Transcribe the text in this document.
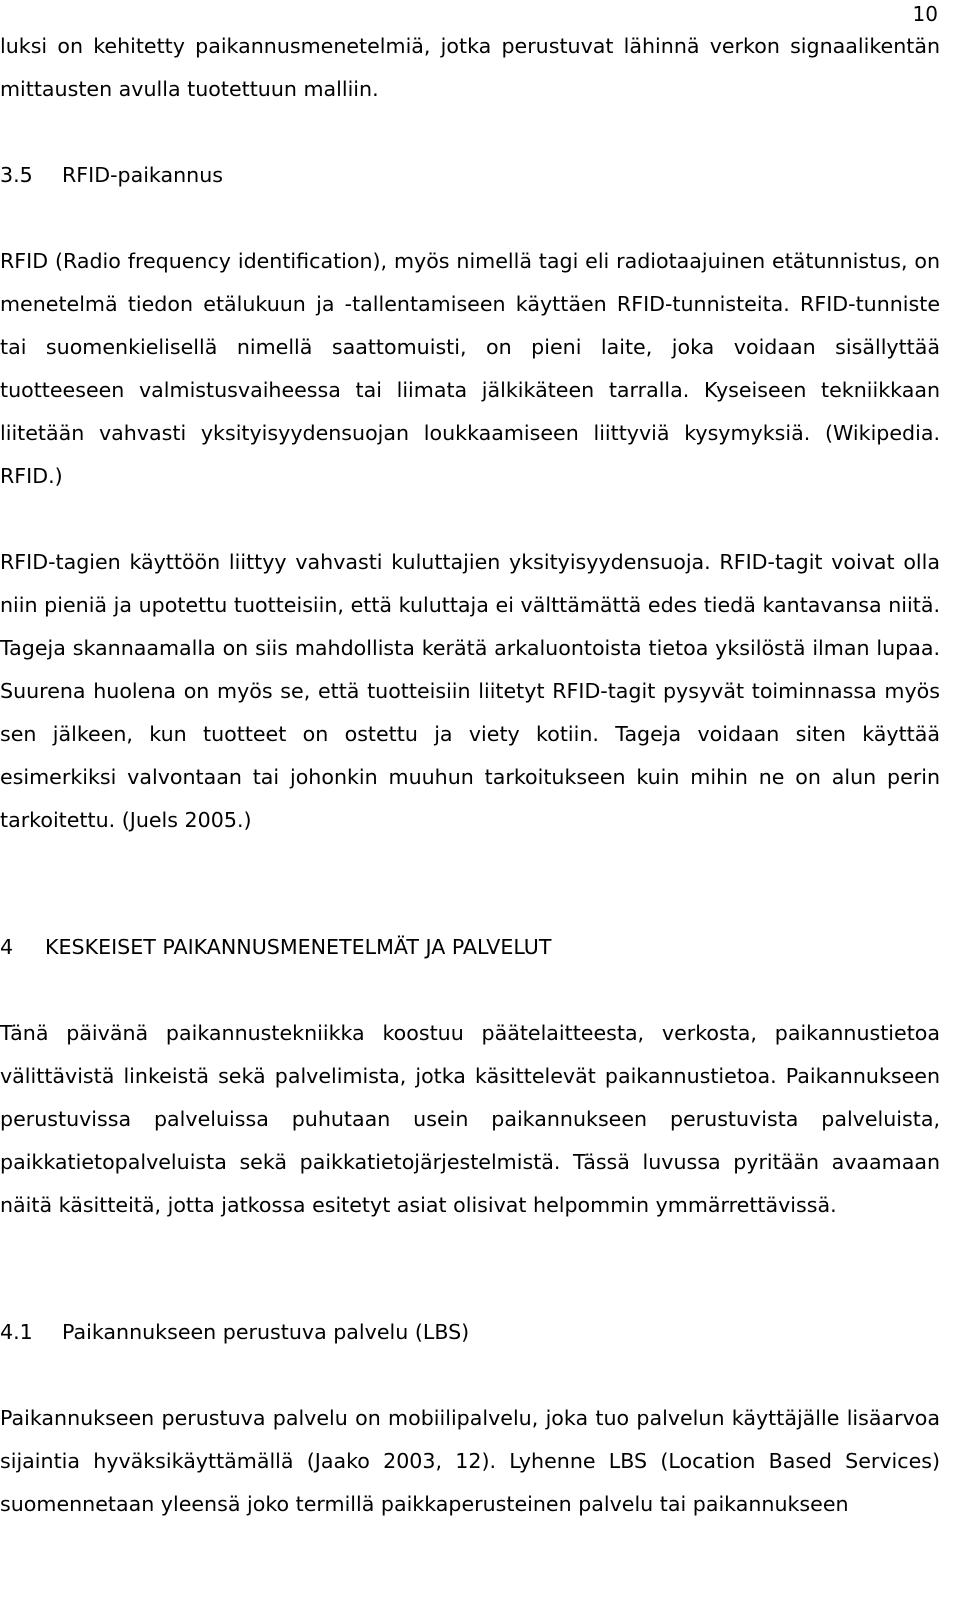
10

luksi on kehitetty paikannusmenetelmiä, jotka perustuvat lähinnä verkon signaalikentän mittausten avulla tuotettuun malliin.

3.5 RFID-paikannus

RFID (Radio frequency identification), myös nimellä tagi eli radiotaajuinen etätunnistus, on menetelmä tiedon etälukuun ja -tallentamiseen käyttäen RFID-tunnisteita. RFID-tunniste tai suomenkielisellä nimellä saattomuisti, on pieni laite, joka voidaan sisällyttää tuotteeseen valmistusvaiheessa tai liimata jälkikäteen tarralla. Kyseiseen tekniikkaan liitetään vahvasti yksityisyydensuojan loukkaamiseen liittyviä kysymyksiä. (Wikipedia. RFID.)

RFID-tagien käyttöön liittyy vahvasti kuluttajien yksityisyydensuoja. RFID-tagit voivat olla niin pieniä ja upotettu tuotteisiin, että kuluttaja ei välttämättä edes tiedä kantavansa niitä. Tageja skannaamalla on siis mahdollista kerätä arkaluontoista tietoa yksilöstä ilman lupaa. Suurena huolena on myös se, että tuotteisiin liitetyt RFID-tagit pysyvät toiminnassa myös sen jälkeen, kun tuotteet on ostettu ja viety kotiin. Tageja voidaan siten käyttää esimerkiksi valvontaan tai johonkin muuhun tarkoitukseen kuin mihin ne on alun perin tarkoitettu. (Juels 2005.)

4 KESKEISET PAIKANNUSMENETELMÄT JA PALVELUT

Tänä päivänä paikannustekniikka koostuu päätelaitteesta, verkosta, paikannustietoa välittävistä linkeistä sekä palvelimista, jotka käsittelevät paikannustietoa. Paikannukseen perustuvissa palveluissa puhutaan usein paikannukseen perustuvista palveluista, paikkatietopalveluista sekä paikkatietojärjestelmistä. Tässä luvussa pyritään avaamaan näitä käsitteitä, jotta jatkossa esitetyt asiat olisivat helpommin ymmärrettävissä.

4.1 Paikannukseen perustuva palvelu (LBS)

Paikannukseen perustuva palvelu on mobiilipalvelu, joka tuo palvelun käyttäjälle lisäarvoa sijaintia hyväksikäyttämällä (Jaako 2003, 12). Lyhenne LBS (Location Based Services) suomennetaan yleensä joko termillä paikkaperusteinen palvelu tai paikannukseen
